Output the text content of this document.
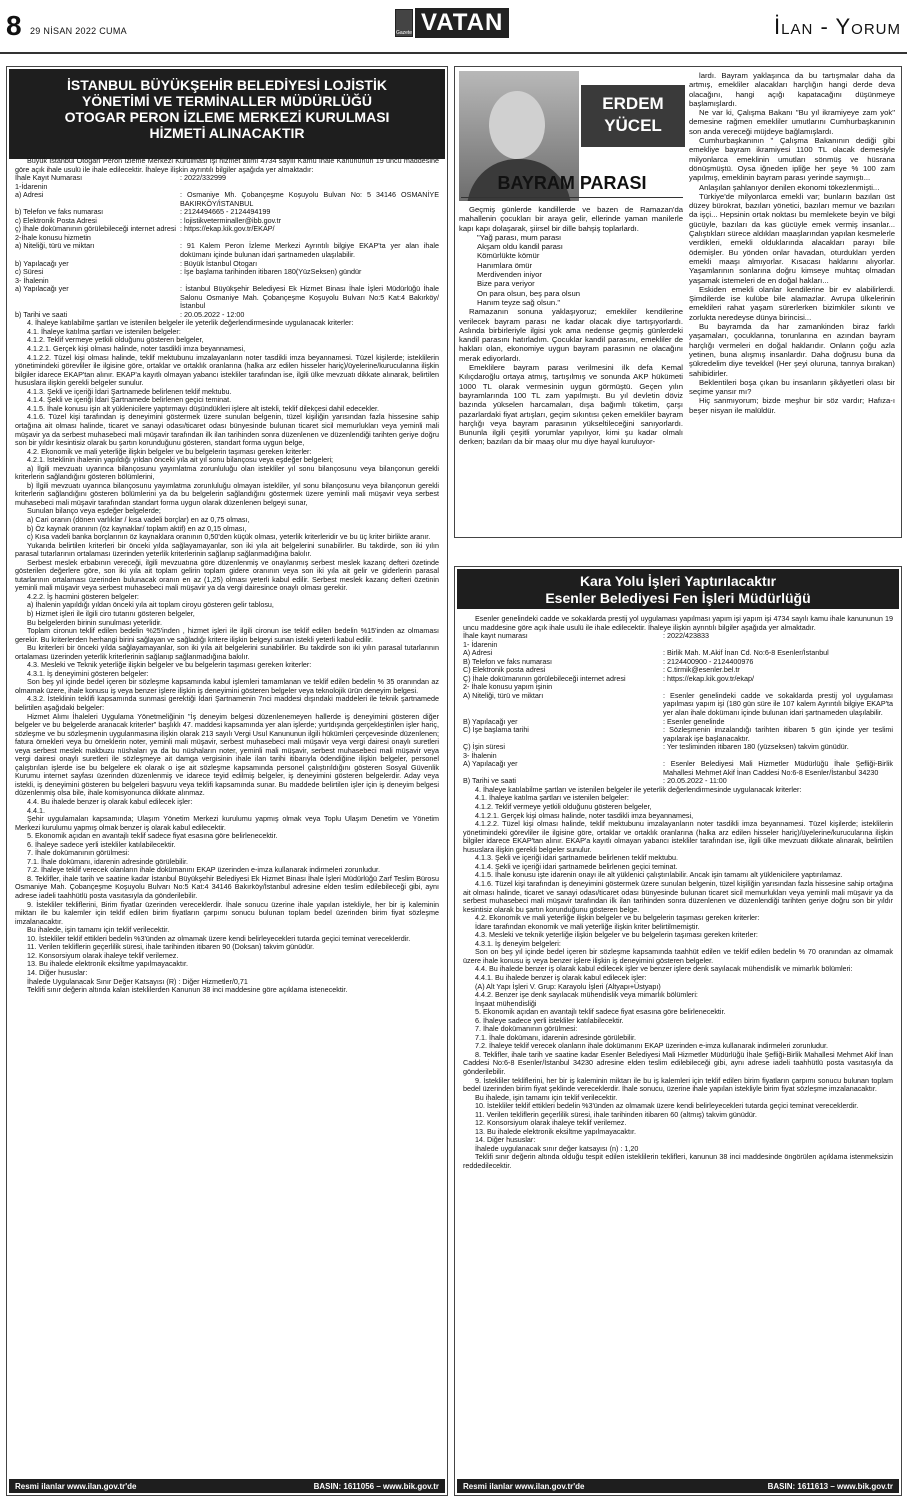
8 29 NİSAN 2022 CUMA	Gazete VATAN	İlan - Yorum
İSTANBUL BÜYÜKŞEHİR BELEDİYESİ LOJİSTİK
YÖNETİMİ VE TERMİNALLER MÜDÜRLÜĞÜ
OTOGAR PERON İZLEME MERKEZİ KURULMASI
HİZMETİ ALINACAKTIR

Büyük İstanbul Otogarı Peron İzleme Merkezi Kurulması İşi hizmet alımı 4734 sayılı Kamu İhale Kanununun 19 uncu maddesine göre açık ihale usulü ile ihale edilecektir. İhaleye ilişkin ayrıntılı bilgiler aşağıda yer almaktadır:

İhale Kayıt Numarası	: 2022/332999
1-İdarenin
a) Adresi	: Osmaniye Mh. Çobançeşme Koşuyolu Bulvarı No: 5 34146 OSMANİYE BAKIRKÖY/İSTANBUL
b) Telefon ve faks numarası	: 2124494665 - 2124494199
c) Elektronik Posta Adresi	: lojistikveterminaller@ibb.gov.tr
ç) İhale dokümanının görülebileceği internet adresi : https://ekap.kik.gov.tr/EKAP/
2-İhale konusu hizmetin
a) Niteliği, türü ve miktarı	: 91 Kalem Peron İzleme Merkezi Ayrıntılı bilgiye EKAP'ta yer alan ihale dokümanı içinde bulunan idari şartnameden ulaşılabilir.
b) Yapılacağı yer	: Büyük İstanbul Otogarı
c) Süresi	: İşe başlama tarihinden itibaren 180(YüzSeksen) gündür
3- İhalenin
a) Yapılacağı yer	: İstanbul Büyükşehir Belediyesi Ek Hizmet Binası İhale İşleri Müdürlüğü İhale Salonu Osmaniye Mah. Çobançeşme Koşuyolu Bulvarı No:5 Kat:4 Bakırköy/İstanbul
b) Tarihi ve saati	: 20.05.2022 - 12:00

4. İhaleye katılabilme şartları ve istenilen belgeler ile yeterlik değerlendirmesinde uygulanacak kriterler:

4.1. İhaleye katılma şartları ve istenilen belgeler:

4.1.2. Teklif vermeye yetkili olduğunu gösteren belgeler,

4.1.2.1. Gerçek kişi olması halinde, noter tasdikli imza beyannamesi,

4.1.2.2. Tüzel kişi olması halinde, teklif mektubunu imzalayanların noter tasdikli imza beyannamesi. Tüzel kişilerde; isteklilerin yönetimindeki görevliler ile ilgisine göre, ortaklar ve ortaklık oranlarına (halka arz edilen hisseler hariç)/üyelerine/kurucularına ilişkin bilgiler idarece EKAP'tan alınır. EKAP'a kayıtlı olmayan yabancı istekliler tarafından ise, ilgili ülke mevzuatı dikkate alınarak, belirtilen hususlara ilişkin gerekli belgeler sunulur.

4.1.3. Şekli ve içeriği İdari Şartnamede belirlenen teklif mektubu.

4.1.4. Şekli ve içeriği İdari Şartnamede belirlenen geçici teminat.

4.1.5. İhale konusu işin alt yüklenicilere yaptırmayı düşündükleri işlere alt istekli, teklif dilekçesi dahil edecekler.

4.1.6. Tüzel kişi tarafından iş deneyimini göstermek üzere sunulan belgenin, tüzel kişiliğin yarısından fazla hissesine sahip ortağına ait olması halinde, ticaret ve sanayi odası/ticaret odası bünyesinde bulunan ticaret sicil memurlukları veya yeminli mali müşavir ya da serbest muhasebeci mali müşavir tarafından ilk ilan tarihinden sonra düzenlenen ve düzenlendiği tarihten geriye doğru son bir yıldır kesintisiz olarak bu şartın korunduğunu gösteren, standart forma uygun belge,

4.2. Ekonomik ve mali yeterliğe ilişkin belgeler ve bu belgelerin taşıması gereken kriterler:

4.2.1. İsteklinin ihalenin yapıldığı yıldan önceki yıla ait yıl sonu bilançosu veya eşdeğer belgeleri;

a) İlgili mevzuatı uyarınca bilançosunu yayımlatma zorunluluğu olan istekliler yıl sonu bilançosunu veya bilançonun gerekli kriterlerin sağlandığını gösteren bölümlerini,

b) İlgili mevzuatı uyarınca bilançosunu yayımlatma zorunluluğu olmayan istekliler, yıl sonu bilançosunu veya bilançonun gerekli kriterlerin sağlandığını gösteren bölümlerini ya da bu belgelerin sağlandığını göstermek üzere yeminli mali müşavir veya serbest muhasebeci mali müşavir tarafından standart forma uygun olarak düzenlenen belgeyi sunar,

Sunulan bilanço veya eşdeğer belgelerde;

a) Cari oranın (dönen varlıklar / kısa vadeli borçlar) en az 0,75 olması,

b) Öz kaynak oranının (öz kaynaklar/ toplam aktif) en az 0,15 olması,

c) Kısa vadeli banka borçlarının öz kaynaklara oranının 0,50'den küçük olması, yeterlik kriterleridir ve bu üç kriter birlikte aranır.

Yukarıda belirtilen kriterleri bir önceki yılda sağlayamayanlar, son iki yıla ait belgelerini sunabilirler. Bu takdirde, son iki yılın parasal tutarlarının ortalaması üzerinden yeterlik kriterlerinin sağlanıp sağlanmadığına bakılır.

Serbest meslek erbabının vereceği, ilgili mevzuatına göre düzenlenmiş ve onaylanmış serbest meslek kazanç defteri özetinde gösterilen değerlere göre, son iki yıla ait toplam gelirin toplam gidere oranının veya son iki yıla ait gelir ve giderlerin parasal tutarlarının ortalaması üzerinden bulunacak oranın en az (1,25) olması yeterli kabul edilir. Serbest meslek kazanç defteri özetinin yeminli mali müşavir veya serbest muhasebeci mali müşavir ya da vergi dairesince onaylı olması gerekir.

4.2.2. İş hacmini gösteren belgeler:

a) İhalenin yapıldığı yıldan önceki yıla ait toplam ciroyu gösteren gelir tablosu,

b) Hizmet işleri ile ilgili ciro tutarını gösteren belgeler,

Bu belgelerden birinin sunulması yeterlidir.

Toplam cironun teklif edilen bedelin %25'inden , hizmet işleri ile ilgili cironun ise teklif edilen bedelin %15'inden az olmaması gerekir. Bu kriterlerden herhangi birini sağlayan ve sağladığı kritere ilişkin belgeyi sunan istekli yeterli kabul edilir.

Bu kriterleri bir önceki yılda sağlayamayanlar, son iki yıla ait belgelerini sunabilirler. Bu takdirde son iki yılın parasal tutarlarının ortalaması üzerinden yeterlik kriterlerinin sağlanıp sağlanmadığına bakılır.

4.3. Mesleki ve Teknik yeterliğe ilişkin belgeler ve bu belgelerin taşıması gereken kriterler:

4.3.1. İş deneyimini gösteren belgeler:

Son beş yıl içinde bedel içeren bir sözleşme kapsamında kabul işlemleri tamamlanan ve teklif edilen bedelin % 35 oranından az olmamak üzere, ihale konusu iş veya benzer işlere ilişkin iş deneyimini gösteren belgeler veya teknolojik ürün deneyim belgesi.

4.3.2. İsteklinin teklifi kapsamında sunmasi gerektiği İdari Şartnamenin 7nci maddesi dışındaki maddeleri ile teknik şartnamede belirtilen aşağıdaki belgeler:

Hizmet Alımı İhaleleri Uygulama Yönetmeliğinin "İş deneyim belgesi düzenlenemeyen hallerde iş deneyimini gösteren diğer belgeler ve bu belgelerde aranacak kriterler" başlıklı 47. maddesi kapsamında yer alan işlerde; yurtdışında gerçekleştirilen işler hariç, sözleşme ve bu sözleşmenin uygulanmasına ilişkin olarak 213 sayılı Vergi Usul Kanununun ilgili hükümleri çerçevesinde düzenlenen; fatura örnekleri veya bu örneklerin noter, yeminli mali müşavir, serbest muhasebeci mali müşavir veya vergi dairesi onaylı suretleri veya serbest meslek makbuzu nüshaları ya da bu nüshaların noter, yeminli mali müşavir, serbest muhasebeci mali müşavir veya vergi dairesi onaylı suretleri ile sözleşmeye ait damga vergisinin ihale ilan tarihi itibarıyla ödendiğine ilişkin belgeler, personel çalıştırılan işlerde ise bu belgelere ek olarak o işe ait sözleşme kapsamında personel çalıştırıldığını gösteren Sosyal Güvenlik Kurumu internet sayfası üzerinden düzenlenmiş ve idarece teyid edilmiş belgeler, iş deneyimini gösteren belgelerdir. Aday veya istekli, iş deneyimini gösteren bu belgeleri başvuru veya teklifi kapsamında sunar. Bu maddede belirtilen işler için iş deneyim belgesi düzenlenmiş olsa bile, ihale komisyonunca dikkate alınmaz.

4.4. Bu ihalede benzer iş olarak kabul edilecek işler:

4.4.1.

Şehir uygulamaları kapsamında; Ulaşım Yönetim Merkezi kurulumu yapmış olmak veya Toplu Ulaşım Denetim ve Yönetim Merkezi kurulumu yapmış olmak benzer iş olarak kabul edilecektir.

5. Ekonomik açıdan en avantajlı teklif sadece fiyat esasına göre belirlenecektir.

6. İhaleye sadece yerli istekliler katılabilecektir.

7. İhale dokümanının görülmesi:

7.1. İhale dokümanı, idarenin adresinde görülebilir.

7.2. İhaleye teklif verecek olanların ihale dokümanını EKAP üzerinden e-imza kullanarak indirmeleri zorunludur.

8. Teklifler, ihale tarih ve saatine kadar İstanbul Büyükşehir Belediyesi Ek Hizmet Binası İhale İşleri Müdürlüğü Zarf Teslim Bürosu Osmaniye Mah. Çobançeşme Koşuyolu Bulvarı No:5 Kat:4 34146 Bakırköy/İstanbul adresine elden teslim edilebileceği gibi, aynı adrese iadeli taahhütlü posta vasıtasıyla da gönderilebilir.

9. İstekliler tekliflerini, Birim fiyatlar üzerinden vereceklerdir. İhale sonucu üzerine ihale yapılan istekliyle, her bir iş kaleminin miktarı ile bu kalemler için teklif edilen birim fiyatların çarpımı sonucu bulunan toplam bedel üzerinden birim fiyat sözleşme imzalanacaktır.

Bu ihalede, işin tamamı için teklif verilecektir.

10. İstekliler teklif ettikleri bedelin %3'ünden az olmamak üzere kendi belirleyecekleri tutarda geçici teminat vereceklerdir.

11. Verilen tekliflerin geçerlilik süresi, ihale tarihinden itibaren 90 (Doksan) takvim günüdür.

12. Konsorsiyum olarak ihaleye teklif verilemez.

13. Bu ihalede elektronik eksiltme yapılmayacaktır.

14. Diğer hususlar:

İhalede Uygulanacak Sınır Değer Katsayısı (R) : Diğer Hizmetler/0,71

Teklifi sınır değerin altında kalan isteklilerden Kanunun 38 inci maddesine göre açıklama istenecektir.

Resmi ilanlar www.ilan.gov.tr'de	BASIN: 1611056 – www.bik.gov.tr
ERDEM
YÜCEL
BAYRAM PARASI

Geçmiş günlerde kandillerde ve bazen de Ramazan'da mahallenin çocukları bir araya gelir, ellerinde yaman manilerle kapı kapı dolaşarak, şiirsel bir dille bahşiş toplarlardı.

"Yağ parası, mum parası

Akşam oldu kandil parası

Kömürlükte kömür

Hanımlara ömür

Merdivenden iniyor

Bize para veriyor

On para olsun, beş para olsun

Hanım teyze sağ olsun."

Ramazanın sonuna yaklaşıyoruz; emekliler kendilerine verilecek bayram parası ne kadar olacak diye tartışıyorlardı. Aslında birbirleriyle ilgisi yok ama nedense geçmiş günlerdeki kandil parasını hatırladım. Çocuklar kandil parasını, emekliler de hakları olan, ekonomiye uygun bayram parasının ne olacağını merak ediyorlardı.

Emeklilere bayram parası verilmesini ilk defa Kemal Kılıçdaroğlu ortaya atmış, tartışılmış ve sonunda AKP hükümeti 1000 TL olarak vermesinin uygun görmüştü. Geçen yılın bayramlarında 100 TL zam yapılmıştı. Bu yıl devletin döviz bazında yükselen harcamaları, dışa bağımlı tüketim, çarşı pazarlardaki fiyat artışları, geçim sıkıntısı çeken emekliler bayram harçlığı veya bayram parasının yükseltileceğini sanıyorlardı. Bununla ilgili çeşitli yorumlar yapılıyor, kimi şu kadar olmalı derken; bazıları da bir maaş olur mu diye hayal kuruluyor-

lardı. Bayram yaklaşınca da bu tartışmalar daha da artmış, emekliler alacakları harçlığın hangi derde deva olacağını, hangi açığı kapatacağını düşünmeye başlamışlardı.

Ne var ki, Çalışma Bakanı "Bu yıl ikramiyeye zam yok" demesine rağmen emekliler umutlarını Cumhurbaşkanının son anda vereceği müjdeye bağlamışlardı.

Cumhurbaşkanının " Çalışma Bakanının dediği gibi emekliye bayram ikramiyesi 1100 TL olacak demesiyle milyonlarca emeklinin umutları sönmüş ve hüsrana dönüşmüştü. Oysa iğneden ipliğe her şeye % 100 zam yapılmış, emeklinin bayram parası yerinde saymıştı...

Anlaşılan şahlanıyor denilen ekonomi tökezlenmişti...

Türkiye'de milyonlarca emekli var; bunların bazıları üst düzey bürokrat, bazıları yönetici, bazıları memur ve bazıları da işçi... Hepsinin ortak noktası bu memlekete beyin ve bilgi gücüyle, bazıları da kas gücüyle emek vermiş insanlar... Çalıştıkları sürece aldıkları maaşlarından yapılan kesmelerle verdikleri, emekli olduklarında alacakları parayı bile ödemişler. Bu yönden onlar havadan, oturdukları yerden emekli maaşı almıyorlar. Kısacası haklarını alıyorlar. Yaşamlarının sonlarına doğru kimseye muhtaç olmadan yaşamak istemeleri de en doğal hakları...

Eskiden emekli olanlar kendilerine bir ev alabilirlerdi. Şimdilerde ise kulübe bile alamazlar. Avrupa ülkelerinin emeklileri rahat yaşam sürerlerken bizimkiler sıkıntı ve zorlukta neredeyse dünya birincisi...

Bu bayramda da har zamankinden biraz farklı yaşamaları, çocuklarına, torunlarına en azından bayram harçlığı vermeleri en doğal haklarıdır. Onların çoğu azla yetinen, buna alışmış insanlardır. Daha doğrusu buna da şükredelim diye tevekkel (Her şeyi oluruna, tanrıya bırakan) sahibidirler.

Beklentileri boşa çıkan bu insanların şikâyetleri olası bir seçime yansır mı?

Hiç sanmıyorum; bizde meşhur bir söz vardır; Hafıza-ı beşer nisyan ile malüldür.

Kara Yolu İşleri Yaptırılacaktır
Esenler Belediyesi Fen İşleri Müdürlüğü

Esenler genelindeki cadde ve sokaklarda prestij yol uygulaması yapılması yapım işi yapım işi 4734 sayılı kamu ihale kanununun 19 uncu maddesine göre açık ihale usulü ile ihale edilecektir. İhaleye ilişkin ayrıntılı bilgiler aşağıda yer almaktadır.

İhale kayıt numarası	: 2022/423833
1- İdarenin
A) Adresi	: Birlik Mah. M.Akif İnan Cd. No:6-8 Esenler/İstanbul
B) Telefon ve faks numarası	: 2124400900 - 2124400976
C) Elektronik posta adresi	: C.tirmik@esenler.bel.tr
Ç) İhale dokümanının görülebileceği internet adresi	: https://ekap.kik.gov.tr/ekap/
2- İhale konusu yapım işinin
A) Niteliği, türü ve miktarı	: Esenler genelindeki cadde ve sokaklarda prestij yol uygulaması yapılması yapım işi (180 gün süre ile 107 kalem Ayrıntılı bilgiye EKAP'ta yer alan ihale dokümanı içinde bulunan idari şartnameden ulaşılabilir.
B) Yapılacağı yer	: Esenler genelinde
C) İşe başlama tarihi	: Sözleşmenin imzalandığı tarihten itibaren 5 gün içinde yer teslimi yapılarak işe başlanacaktır.
Ç) İşin süresi	: Yer tesliminden itibaren 180 (yüzseksen) takvim günüdür.
3- İhalenin
A) Yapılacağı yer	: Esenler Belediyesi Mali Hizmetler Müdürlüğü İhale Şefliği-Birlik Mahallesi Mehmet Akif İnan Caddesi No:6-8 Esenler/İstanbul 34230
B) Tarihi ve saati	: 20.05.2022 - 11:00

4. İhaleye katılabilme şartları ve istenilen belgeler ile yeterlik değerlendirmesinde uygulanacak kriterler:

4.1. İhaleye katılma şartları ve istenilen belgeler:

4.1.2. Teklif vermeye yetkili olduğunu gösteren belgeler,

4.1.2.1. Gerçek kişi olması halinde, noter tasdikli imza beyannamesi,

4.1.2.2. Tüzel kişi olması halinde, teklif mektubunu imzalayanların noter tasdikli imza beyannamesi. Tüzel kişilerde; isteklilerin yönetimindeki görevliler ile ilgisine göre, ortaklar ve ortaklık oranlarına (halka arz edilen hisseler hariç)/üyelerine/kurucularına ilişkin bilgiler idarece EKAP'tan alınır. EKAP'a kayıtlı olmayan yabancı istekliler tarafından ise, ilgili ülke mevzuatı dikkate alınarak, belirtilen hususlara ilişkin gerekli belgeler sunulur.

4.1.3. Şekli ve içeriği idari şartnamede belirlenen teklif mektubu.

4.1.4. Şekli ve içeriği idari şartnamede belirlenen geçici teminat.

4.1.5. İhale konusu işte idarenin onayı ile alt yüklenici çalıştırılabilir. Ancak işin tamamı alt yüklenicilere yaptırılamaz.

4.1.6. Tüzel kişi tarafından iş deneyimini göstermek üzere sunulan belgenin, tüzel kişiliğin yarısından fazla hissesine sahip ortağına ait olması halinde, ticaret ve sanayi odası/ticaret odası bünyesinde bulunan ticaret sicil memurlukları veya yeminli mali müşavir ya da serbest muhasebeci mali müşavir tarafından ilk ilan tarihinden sonra düzenlenen ve düzenlendiği tarihten geriye doğru son bir yıldır kesintisiz olarak bu şartın korunduğunu gösteren belge.

4.2. Ekonomik ve mali yeterliğe ilişkin belgeler ve bu belgelerin taşıması gereken kriterler:

İdare tarafından ekonomik ve mali yeterliğe ilişkin kriter belirtilmemiştir.

4.3. Mesleki ve teknik yeterliğe ilişkin belgeler ve bu belgelerin taşıması gereken kriterler:

4.3.1. İş deneyim belgeleri:

Son on beş yıl içinde bedel içeren bir sözleşme kapsamında taahhüt edilen ve teklif edilen bedelin % 70 oranından az olmamak üzere ihale konusu iş veya benzer işlere ilişkin iş deneyimini gösteren belgeler.

4.4. Bu ihalede benzer iş olarak kabul edilecek işler ve benzer işlere denk sayılacak mühendislik ve mimarlık bölümleri:

4.4.1. Bu ihalede benzer iş olarak kabul edilecek işler:

(A) Alt Yapı İşleri V. Grup: Karayolu İşleri (Altyapı+Üstyapı)

4.4.2. Benzer işe denk sayılacak mühendislik veya mimarlık bölümleri:

İnşaat mühendisliği

5. Ekonomik açıdan en avantajlı teklif sadece fiyat esasına göre belirlenecektir.

6. İhaleye sadece yerli istekliler katılabilecektir.

7. İhale dokümanının görülmesi:

7.1. İhale dokümanı, idarenin adresinde görülebilir.

7.2. İhaleye teklif verecek olanların ihale dokümanını EKAP üzerinden e-imza kullanarak indirmeleri zorunludur.

8. Teklifler, ihale tarih ve saatine kadar Esenler Belediyesi Mali Hizmetler Müdürlüğü İhale Şefliği-Birlik Mahallesi Mehmet Akif İnan Caddesi No:6-8 Esenler/İstanbul 34230 adresine elden teslim edilebileceği gibi, aynı adrese iadeli taahhütlü posta vasıtasıyla da gönderilebilir.

9. İstekliler tekliflerini, her bir iş kaleminin miktarı ile bu iş kalemleri için teklif edilen birim fiyatların çarpımı sonucu bulunan toplam bedel üzerinden birim fiyat şeklinde vereceklerdir. İhale sonucu, üzerine ihale yapılan istekliyle birim fiyat sözleşme imzalanacaktır.

Bu ihalede, işin tamamı için teklif verilecektir.

10. İstekliler teklif ettikleri bedelin %3'ünden az olmamak üzere kendi belirleyecekleri tutarda geçici teminat vereceklerdir.

11. Verilen tekliflerin geçerlilik süresi, ihale tarihinden itibaren 60 (altmış) takvim günüdür.

12. Konsorsiyum olarak ihaleye teklif verilemez.

13. Bu ihalede elektronik eksiltme yapılmayacaktır.

14. Diğer hususlar:

İhalede uygulanacak sınır değer katsayısı (n) : 1,20

Teklifi sınır değerin altında olduğu tespit edilen isteklilerin teklifleri, kanunun 38 inci maddesinde öngörülen açıklama istenmeksizin reddedilecektir.

Resmi ilanlar www.ilan.gov.tr'de	BASIN: 1611613 – www.bik.gov.tr
